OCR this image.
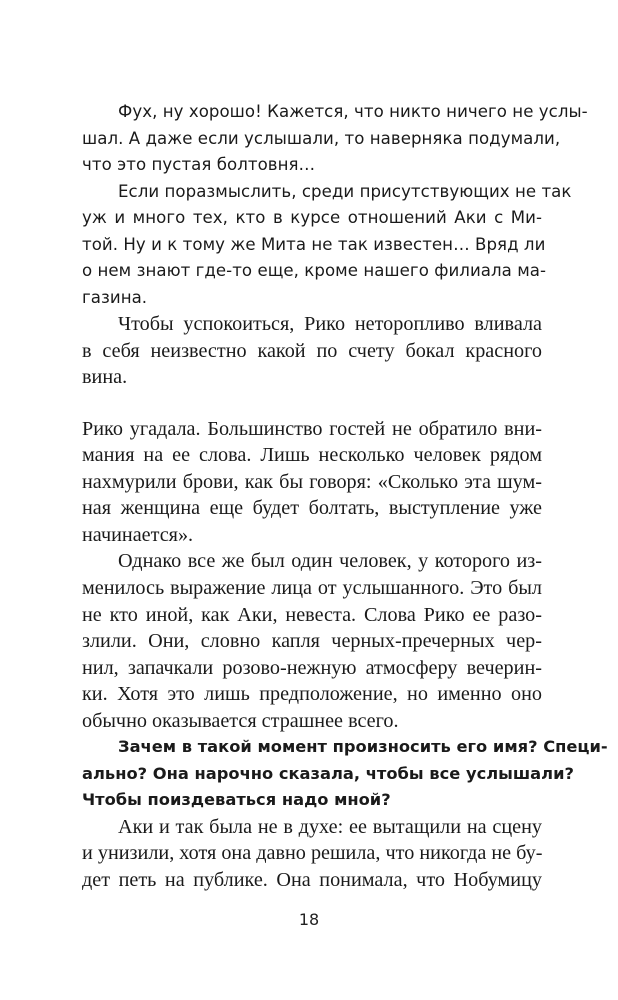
Фух, ну хорошо! Кажется, что никто ничего не услы-
шал. А даже если услышали, то наверняка подумали,
что это пустая болтовня…
Если поразмыслить, среди присутствующих не так
уж и много тех, кто в курсе отношений Аки с Ми-
той. Ну и к тому же Мита не так известен… Вряд ли
о нем знают где-то еще, кроме нашего филиала ма-
газина.
Чтобы успокоиться, Рико неторопливо вливала
в себя неизвестно какой по счету бокал красного
вина.
Рико угадала. Большинство гостей не обратило вни-
мания на ее слова. Лишь несколько человек рядом
нахмурили брови, как бы говоря: «Сколько эта шум-
ная женщина еще будет болтать, выступление уже
начинается».
Однако все же был один человек, у которого из-
менилось выражение лица от услышанного. Это был
не кто иной, как Аки, невеста. Слова Рико ее разо-
злили. Они, словно капля черных-пречерных чер-
нил, запачкали розово-нежную атмосферу вечерин-
ки. Хотя это лишь предположение, но именно оно
обычно оказывается страшнее всего.
Зачем в такой момент произносить его имя? Специ-
ально? Она нарочно сказала, чтобы все услышали?
Чтобы поиздеваться надо мной?
Аки и так была не в духе: ее вытащили на сцену
18
и унизили, хотя она давно решила, что никогда не бу-
дет петь на публике. Она понимала, что Нобумицу
